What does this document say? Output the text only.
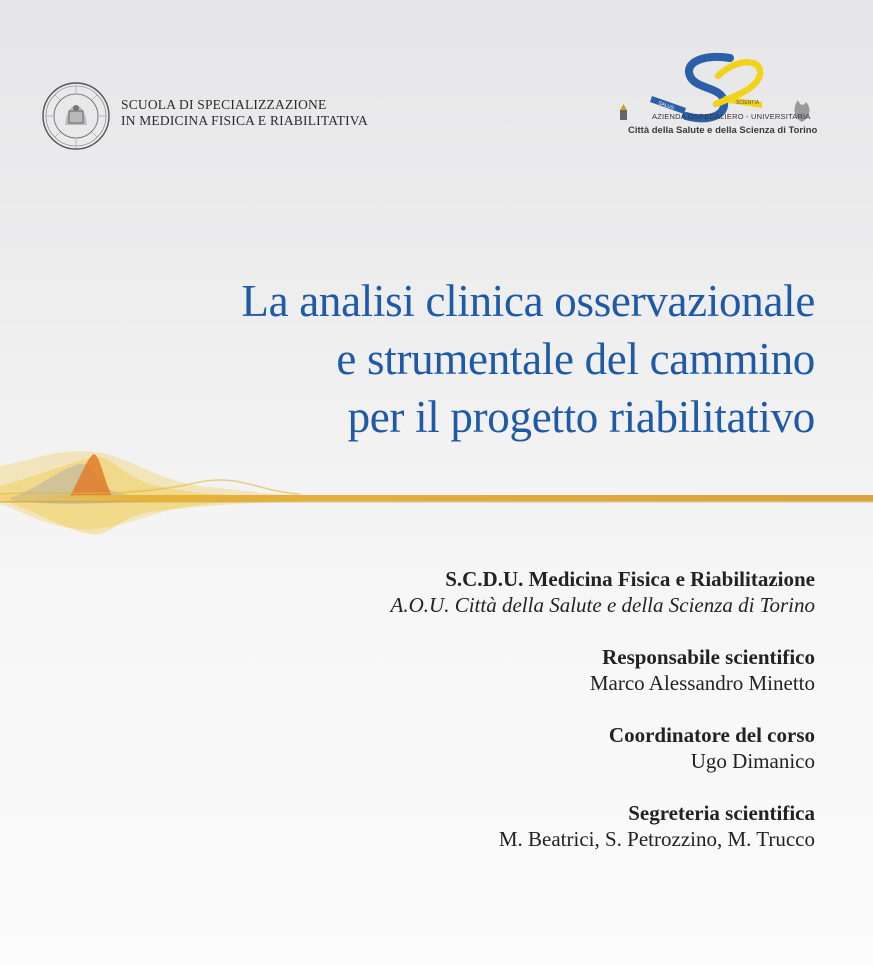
SCUOLA DI SPECIALIZZAZIONE
IN MEDICINA FISICA E RIABILITATIVA
SALUS	SCIENTIA
AZIENDA OSPEDALIERO - UNIVERSITARIA
Città della Salute e della Scienza di Torino
La analisi clinica osservazionale
e strumentale del cammino
per il progetto riabilitativo
S.C.D.U. Medicina Fisica e Riabilitazione
A.O.U. Città della Salute e della Scienza di Torino
Responsabile scientifico
Marco Alessandro Minetto
Coordinatore del corso
Ugo Dimanico
Segreteria scientifica
M. Beatrici, S. Petrozzino, M. Trucco
